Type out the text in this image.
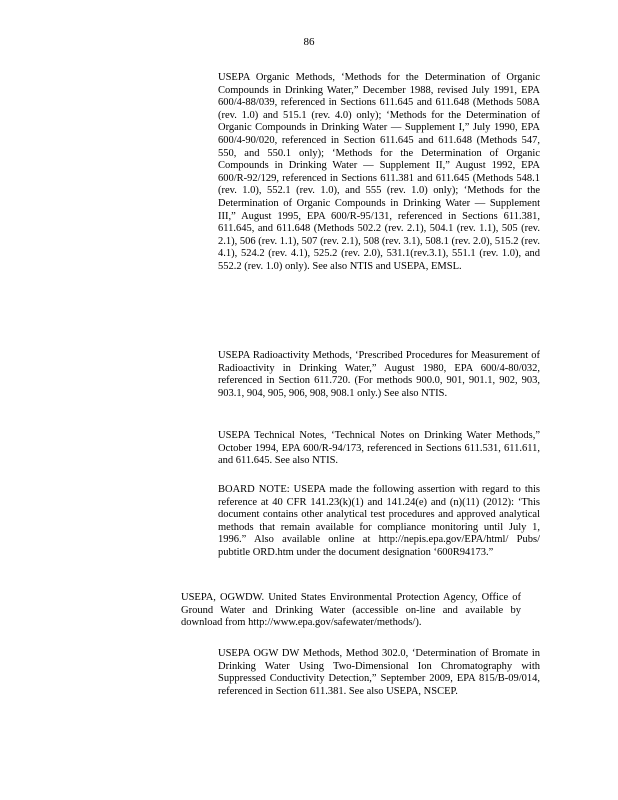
86

USEPA Organic Methods, ‘Methods for the Determination of Organic Compounds in Drinking Water,” December 1988, revised July 1991, EPA 600/4-88/039, referenced in Sections 611.645 and 611.648 (Methods 508A (rev. 1.0) and 515.1 (rev. 4.0) only); ‘Methods for the Determination of Organic Compounds in Drinking Water — Supplement I,” July 1990, EPA 600/4-90/020, referenced in Section 611.645 and 611.648 (Methods 547, 550, and 550.1 only); ‘Methods for the Determination of Organic Compounds in Drinking Water — Supplement II,” August 1992, EPA 600/R-92/129, referenced in Sections 611.381 and 611.645 (Methods 548.1 (rev. 1.0), 552.1 (rev. 1.0), and 555 (rev. 1.0) only); ‘Methods for the Determination of Organic Compounds in Drinking Water — Supplement III,” August 1995, EPA 600/R-95/131, referenced in Sections 611.381, 611.645, and 611.648 (Methods 502.2 (rev. 2.1), 504.1 (rev. 1.1), 505 (rev. 2.1), 506 (rev. 1.1), 507 (rev. 2.1), 508 (rev. 3.1), 508.1 (rev. 2.0), 515.2 (rev. 4.1), 524.2 (rev. 4.1), 525.2 (rev. 2.0), 531.1(rev.3.1), 551.1 (rev. 1.0), and 552.2 (rev. 1.0) only). See also NTIS and USEPA, EMSL.

USEPA Radioactivity Methods, ‘Prescribed Procedures for Measurement of Radioactivity in Drinking Water,” August 1980, EPA 600/4-80/032, referenced in Section 611.720. (For methods 900.0, 901, 901.1, 902, 903, 903.1, 904, 905, 906, 908, 908.1 only.) See also NTIS.

USEPA Technical Notes, ‘Technical Notes on Drinking Water Methods,” October 1994, EPA 600/R-94/173, referenced in Sections 611.531, 611.611, and 611.645. See also NTIS.

BOARD NOTE: USEPA made the following assertion with regard to this reference at 40 CFR 141.23(k)(1) and 141.24(e) and (n)(11) (2012): ‘This document contains other analytical test procedures and approved analytical methods that remain available for compliance monitoring until July 1, 1996.” Also available online at http://nepis.epa.gov/EPA/html/ Pubs/ pubtitle ORD.htm under the document designation ‘600R94173.”

USEPA, OGWDW. United States Environmental Protection Agency, Office of Ground Water and Drinking Water (accessible on-line and available by download from http://www.epa.gov/safewater/methods/).

USEPA OGW DW Methods, Method 302.0, ‘Determination of Bromate in Drinking Water Using Two-Dimensional Ion Chromatography with Suppressed Conductivity Detection,” September 2009, EPA 815/B-09/014, referenced in Section 611.381. See also USEPA, NSCEP.
